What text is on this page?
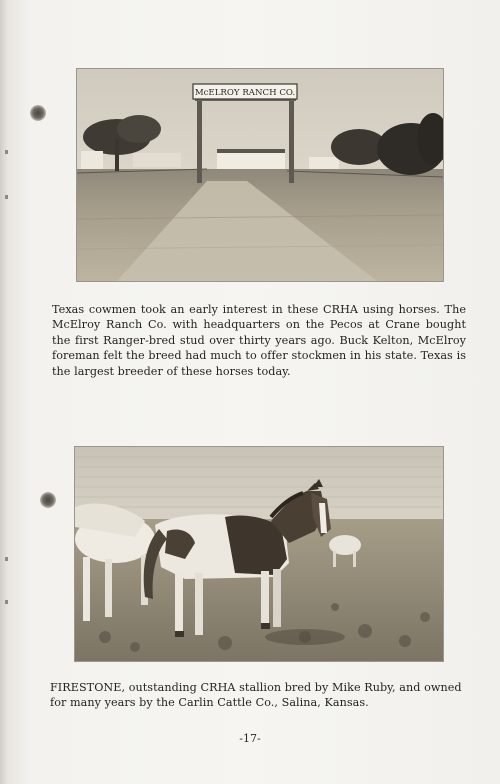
McELROY RANCH CO.

Texas cowmen took an early interest in these CRHA using horses. The McElroy Ranch Co. with headquarters on the Pecos at Crane bought the first Ranger-bred stud over thirty years ago. Buck Kelton, McElroy foreman felt the breed had much to offer stockmen in his state. Texas is the largest breeder of these horses today.

FIRESTONE, outstanding CRHA stallion bred by Mike Ruby, and owned for many years by the Carlin Cattle Co., Salina, Kansas.

-17-
